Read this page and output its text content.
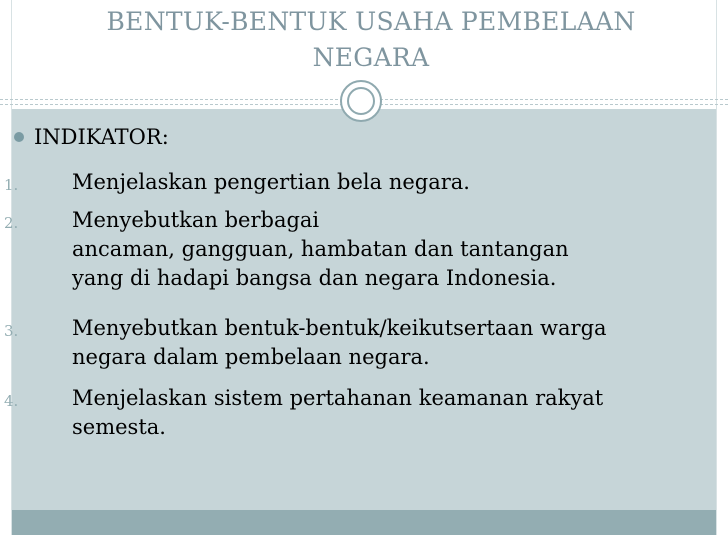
BENTUK-BENTUK USAHA PEMBELAAN
NEGARA
INDIKATOR:
1.	Menjelaskan pengertian bela negara.
2.	Menyebutkan berbagai
ancaman, gangguan, hambatan dan tantangan
yang di hadapi bangsa dan negara Indonesia.
3.	Menyebutkan bentuk-bentuk/keikutsertaan warga
negara dalam pembelaan negara.
4.	Menjelaskan sistem pertahanan keamanan rakyat
semesta.
